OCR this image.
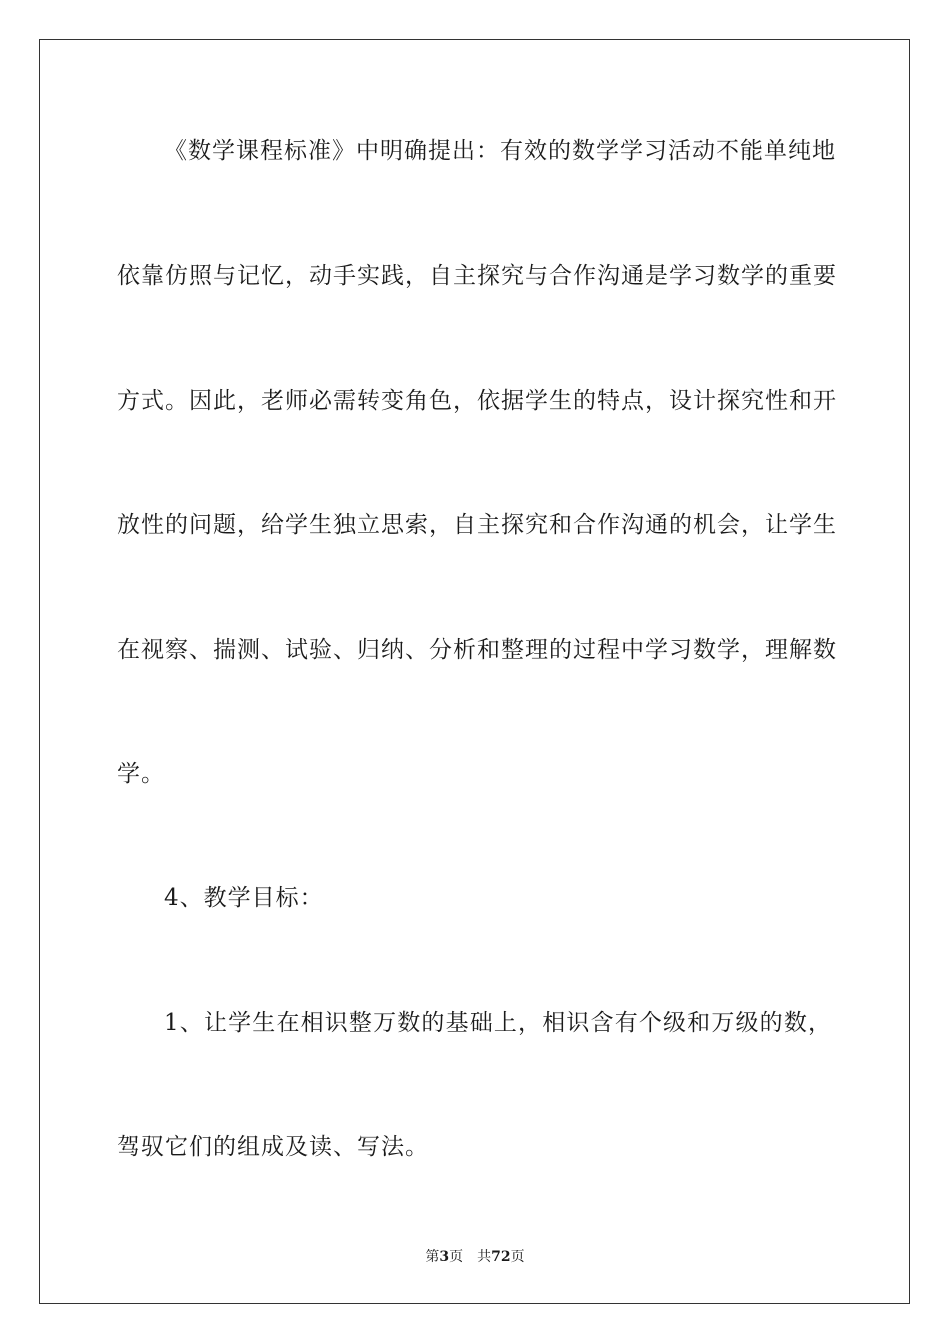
《数学课程标准》中明确提出：有效的数学学习活动不能单纯地
依靠仿照与记忆，动手实践，自主探究与合作沟通是学习数学的重要
方式。因此，老师必需转变角色，依据学生的特点，设计探究性和开
放性的问题，给学生独立思索，自主探究和合作沟通的机会，让学生
在视察、揣测、试验、归纳、分析和整理的过程中学习数学，理解数
学。
4、教学目标：
1、让学生在相识整万数的基础上，相识含有个级和万级的数，
驾驭它们的组成及读、写法。
第3页 共72页
